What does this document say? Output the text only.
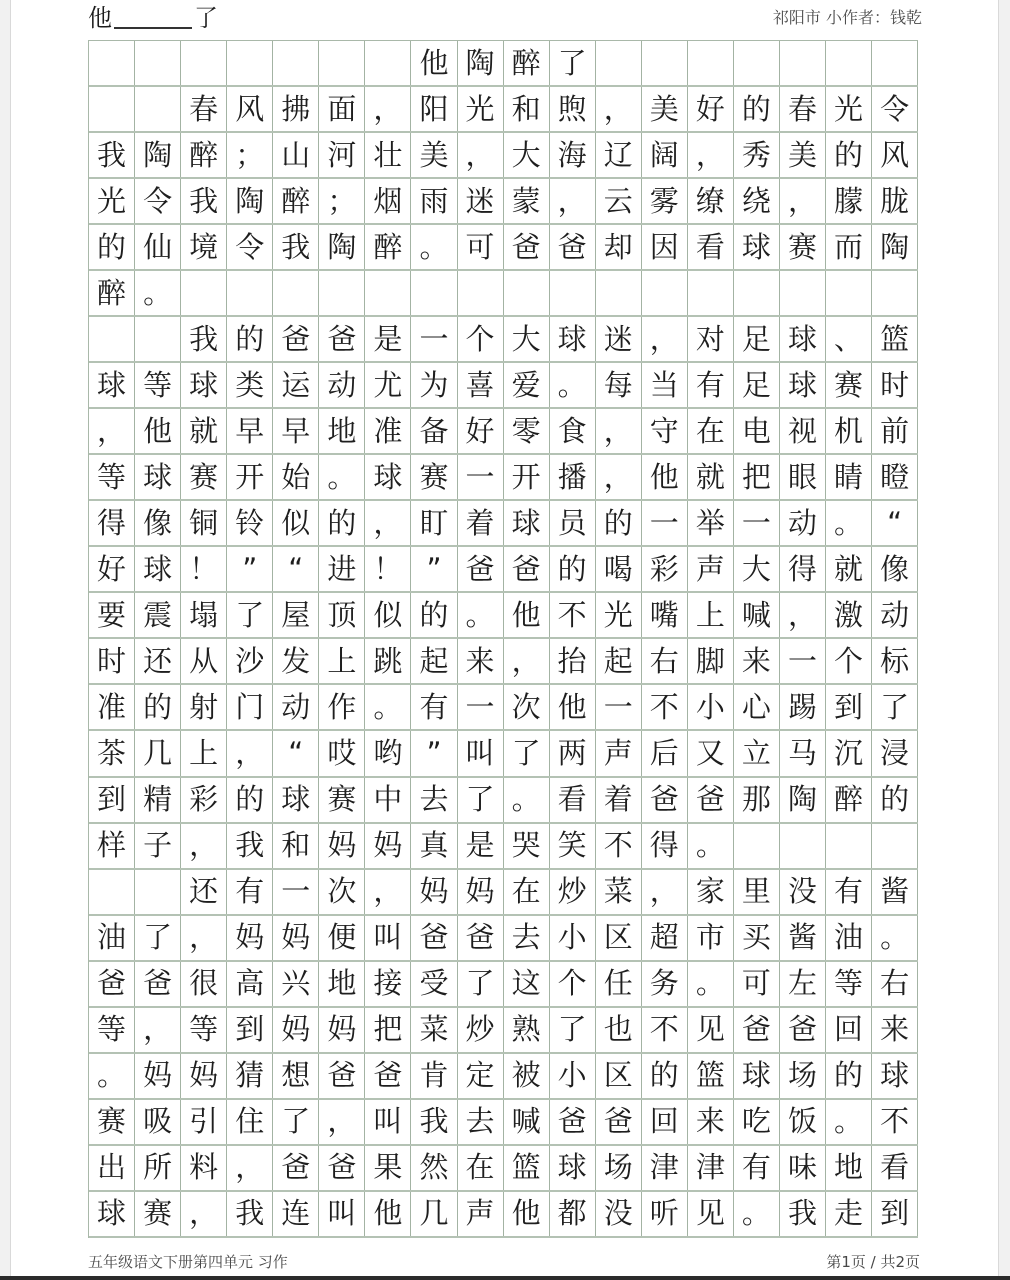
他	了	祁阳市 小作者：钱乾
他 陶 醉 了
春 风 拂 面 ， 阳 光 和 煦 ， 美 好 的 春 光 令
我 陶 醉 ； 山 河 壮 美 ， 大 海 辽 阔 ， 秀 美 的 风
光 令 我 陶 醉 ； 烟 雨 迷 蒙 ， 云 雾 缭 绕 ， 朦 胧
的 仙 境 令 我 陶 醉 。 可 爸 爸 却 因 看 球 赛 而 陶
醉 。
我 的 爸 爸 是 一 个 大 球 迷 ， 对 足 球 、 篮
球 等 球 类 运 动 尤 为 喜 爱 。 每 当 有 足 球 赛 时
， 他 就 早 早 地 准 备 好 零 食 ， 守 在 电 视 机 前
等 球 赛 开 始 。 球 赛 一 开 播 ， 他 就 把 眼 睛 瞪
得 像 铜 铃 似 的 ， 盯 着 球 员 的 一 举 一 动 。 “
好 球 ！ ”	“ 进 ！ ” 爸 爸 的 喝 彩 声 大 得 就 像
要 震 塌 了 屋 顶 似 的 。 他 不 光 嘴 上 喊 ， 激 动
时 还 从 沙 发 上 跳 起 来 ， 抬 起 右 脚 来 一 个 标
准 的 射 门 动 作 。 有 一 次 他 一 不 小 心 踢 到 了
茶 几 上 ， “ 哎 哟 ” 叫 了 两 声 后 又 立 马 沉 浸
到 精 彩 的 球 赛 中 去 了 。 看 着 爸 爸 那 陶 醉 的
样 子 ， 我 和 妈 妈 真 是 哭 笑 不 得 。
还 有 一 次 ， 妈 妈 在 炒 菜 ， 家 里 没 有 酱
油 了 ， 妈 妈 便 叫 爸 爸 去 小 区 超 市 买 酱 油 。
爸 爸 很 高 兴 地 接 受 了 这 个 任 务 。 可 左 等 右
等 ， 等 到 妈 妈 把 菜 炒 熟 了 也 不 见 爸 爸 回 来
。 妈 妈 猜 想 爸 爸 肯 定 被 小 区 的 篮 球 场 的 球
赛 吸 引 住 了 ， 叫 我 去 喊 爸 爸 回 来 吃 饭 。 不
出 所 料 ， 爸 爸 果 然 在 篮 球 场 津 津 有 味 地 看
球 赛 ， 我 连 叫 他 几 声 他 都 没 听 见 。 我 走 到
五年级语文下册第四单元 习作	第1页 / 共2页
